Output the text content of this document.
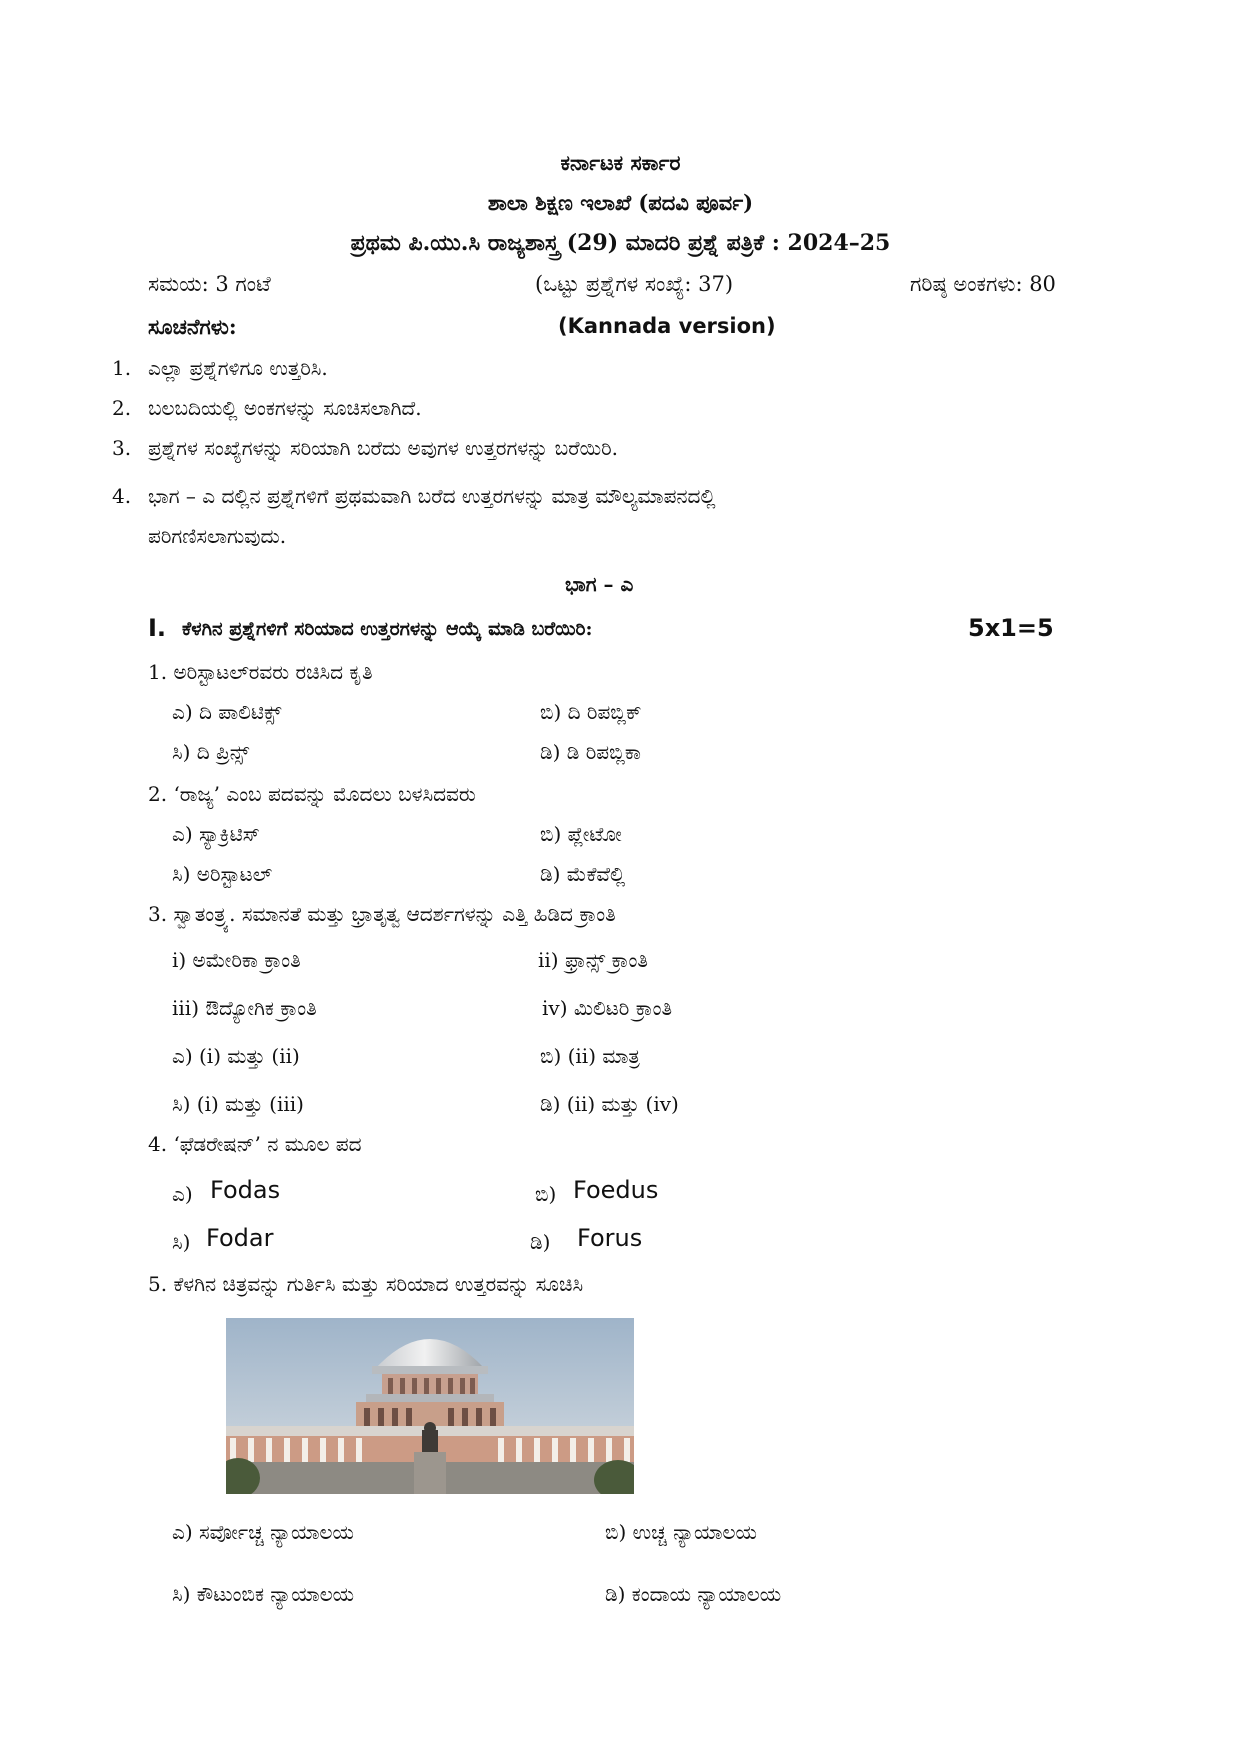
ಕರ್ನಾಟಕ ಸರ್ಕಾರ
ಶಾಲಾ ಶಿಕ್ಷಣ ಇಲಾಖೆ (ಪದವಿ ಪೂರ್ವ)
ಪ್ರಥಮ ಪಿ.ಯು.ಸಿ ರಾಜ್ಯಶಾಸ್ತ್ರ (29) ಮಾದರಿ ಪ್ರಶ್ನೆ ಪತ್ರಿಕೆ : 2024–25
ಸಮಯ: 3 ಗಂಟೆ	(ಒಟ್ಟು ಪ್ರಶ್ನೆಗಳ ಸಂಖ್ಯೆ: 37)	ಗರಿಷ್ಠ ಅಂಕಗಳು: 80
ಸೂಚನೆಗಳು:	(Kannada version)
1. ಎಲ್ಲಾ ಪ್ರಶ್ನೆಗಳಿಗೂ ಉತ್ತರಿಸಿ.
2. ಬಲಬದಿಯಲ್ಲಿ ಅಂಕಗಳನ್ನು ಸೂಚಿಸಲಾಗಿದೆ.
3. ಪ್ರಶ್ನೆಗಳ ಸಂಖ್ಯೆಗಳನ್ನು ಸರಿಯಾಗಿ ಬರೆದು ಅವುಗಳ ಉತ್ತರಗಳನ್ನು ಬರೆಯಿರಿ.
4. ಭಾಗ – ಎ ದಲ್ಲಿನ ಪ್ರಶ್ನೆಗಳಿಗೆ ಪ್ರಥಮವಾಗಿ ಬರೆದ ಉತ್ತರಗಳನ್ನು ಮಾತ್ರ ಮೌಲ್ಯಮಾಪನದಲ್ಲಿ
ಪರಿಗಣಿಸಲಾಗುವುದು.
ಭಾಗ – ಎ
I. ಕೆಳಗಿನ ಪ್ರಶ್ನೆಗಳಿಗೆ ಸರಿಯಾದ ಉತ್ತರಗಳನ್ನು ಆಯ್ಕೆ ಮಾಡಿ ಬರೆಯಿರಿ:	5x1=5
1. ಅರಿಸ್ಟಾಟಲ್‌ರವರು ರಚಿಸಿದ ಕೃತಿ
ಎ) ದಿ ಪಾಲಿಟಿಕ್ಸ್	ಬಿ) ದಿ ರಿಪಬ್ಲಿಕ್
ಸಿ) ದಿ ಪ್ರಿನ್ಸ್	ಡಿ) ಡಿ ರಿಪಬ್ಲಿಕಾ
2. ‘ರಾಜ್ಯ’ ಎಂಬ ಪದವನ್ನು ಮೊದಲು ಬಳಸಿದವರು
ಎ) ಸ್ಯಾಕ್ರಿಟಿಸ್	ಬಿ) ಪ್ಲೇಟೋ
ಸಿ) ಅರಿಸ್ಟಾಟಲ್	ಡಿ) ಮೆಕೆವೆಲ್ಲಿ
3. ಸ್ವಾತಂತ್ರ್ಯ. ಸಮಾನತೆ ಮತ್ತು ಭ್ರಾತೃತ್ವ ಆದರ್ಶಗಳನ್ನು ಎತ್ತಿ ಹಿಡಿದ ಕ್ರಾಂತಿ
i) ಅಮೇರಿಕಾ ಕ್ರಾಂತಿ	ii) ಫ್ರಾನ್ಸ್ ಕ್ರಾಂತಿ
iii) ಔದ್ಯೋಗಿಕ ಕ್ರಾಂತಿ	iv) ಮಿಲಿಟರಿ ಕ್ರಾಂತಿ
ಎ) (i) ಮತ್ತು (ii)	ಬಿ) (ii) ಮಾತ್ರ
ಸಿ) (i) ಮತ್ತು (iii)	ಡಿ) (ii) ಮತ್ತು (iv)
4. ‘ಫೆಡರೇಷನ್’ ನ ಮೂಲ ಪದ
ಎ) Fodas	ಬಿ) Foedus
ಸಿ) Fodar	ಡಿ) Forus
5. ಕೆಳಗಿನ ಚಿತ್ರವನ್ನು ಗುರ್ತಿಸಿ ಮತ್ತು ಸರಿಯಾದ ಉತ್ತರವನ್ನು ಸೂಚಿಸಿ
ಎ) ಸರ್ವೋಚ್ಚ ನ್ಯಾಯಾಲಯ	ಬಿ) ಉಚ್ಚ ನ್ಯಾಯಾಲಯ
ಸಿ) ಕೌಟುಂಬಿಕ ನ್ಯಾಯಾಲಯ	ಡಿ) ಕಂದಾಯ ನ್ಯಾಯಾಲಯ
